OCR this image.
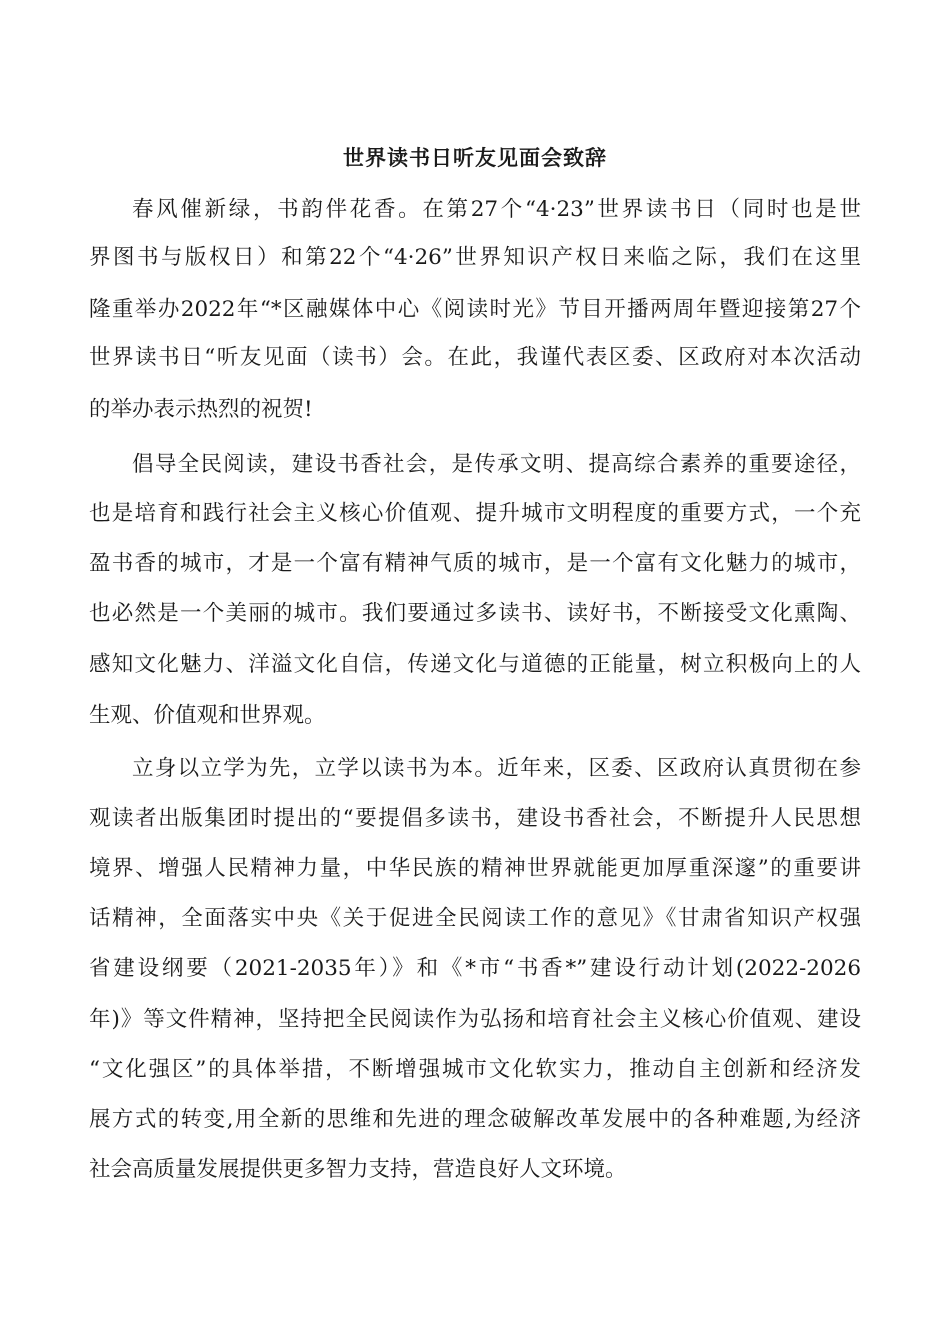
世界读书日听友见面会致辞
春风催新绿，书韵伴花香。在第27个“4·23”世界读书日（同时也是世
界图书与版权日）和第22个“4·26”世界知识产权日来临之际，我们在这里
隆重举办2022年“*区融媒体中心《阅读时光》节目开播两周年暨迎接第27个
世界读书日“听友见面（读书）会。在此，我谨代表区委、区政府对本次活动
的举办表示热烈的祝贺!
倡导全民阅读，建设书香社会，是传承文明、提高综合素养的重要途径，
也是培育和践行社会主义核心价值观、提升城市文明程度的重要方式，一个充
盈书香的城市，才是一个富有精神气质的城市，是一个富有文化魅力的城市，
也必然是一个美丽的城市。我们要通过多读书、读好书，不断接受文化熏陶、
感知文化魅力、洋溢文化自信，传递文化与道德的正能量，树立积极向上的人
生观、价值观和世界观。
立身以立学为先，立学以读书为本。近年来，区委、区政府认真贯彻在参
观读者出版集团时提出的“要提倡多读书，建设书香社会，不断提升人民思想
境界、增强人民精神力量，中华民族的精神世界就能更加厚重深邃”的重要讲
话精神，全面落实中央《关于促进全民阅读工作的意见》《甘肃省知识产权强
省建设纲要（2021-2035年）》和《*市“书香*”建设行动计划(2022-2026
年)》等文件精神，坚持把全民阅读作为弘扬和培育社会主义核心价值观、建设
“文化强区”的具体举措，不断增强城市文化软实力，推动自主创新和经济发
展方式的转变,用全新的思维和先进的理念破解改革发展中的各种难题,为经济
社会高质量发展提供更多智力支持，营造良好人文环境。
